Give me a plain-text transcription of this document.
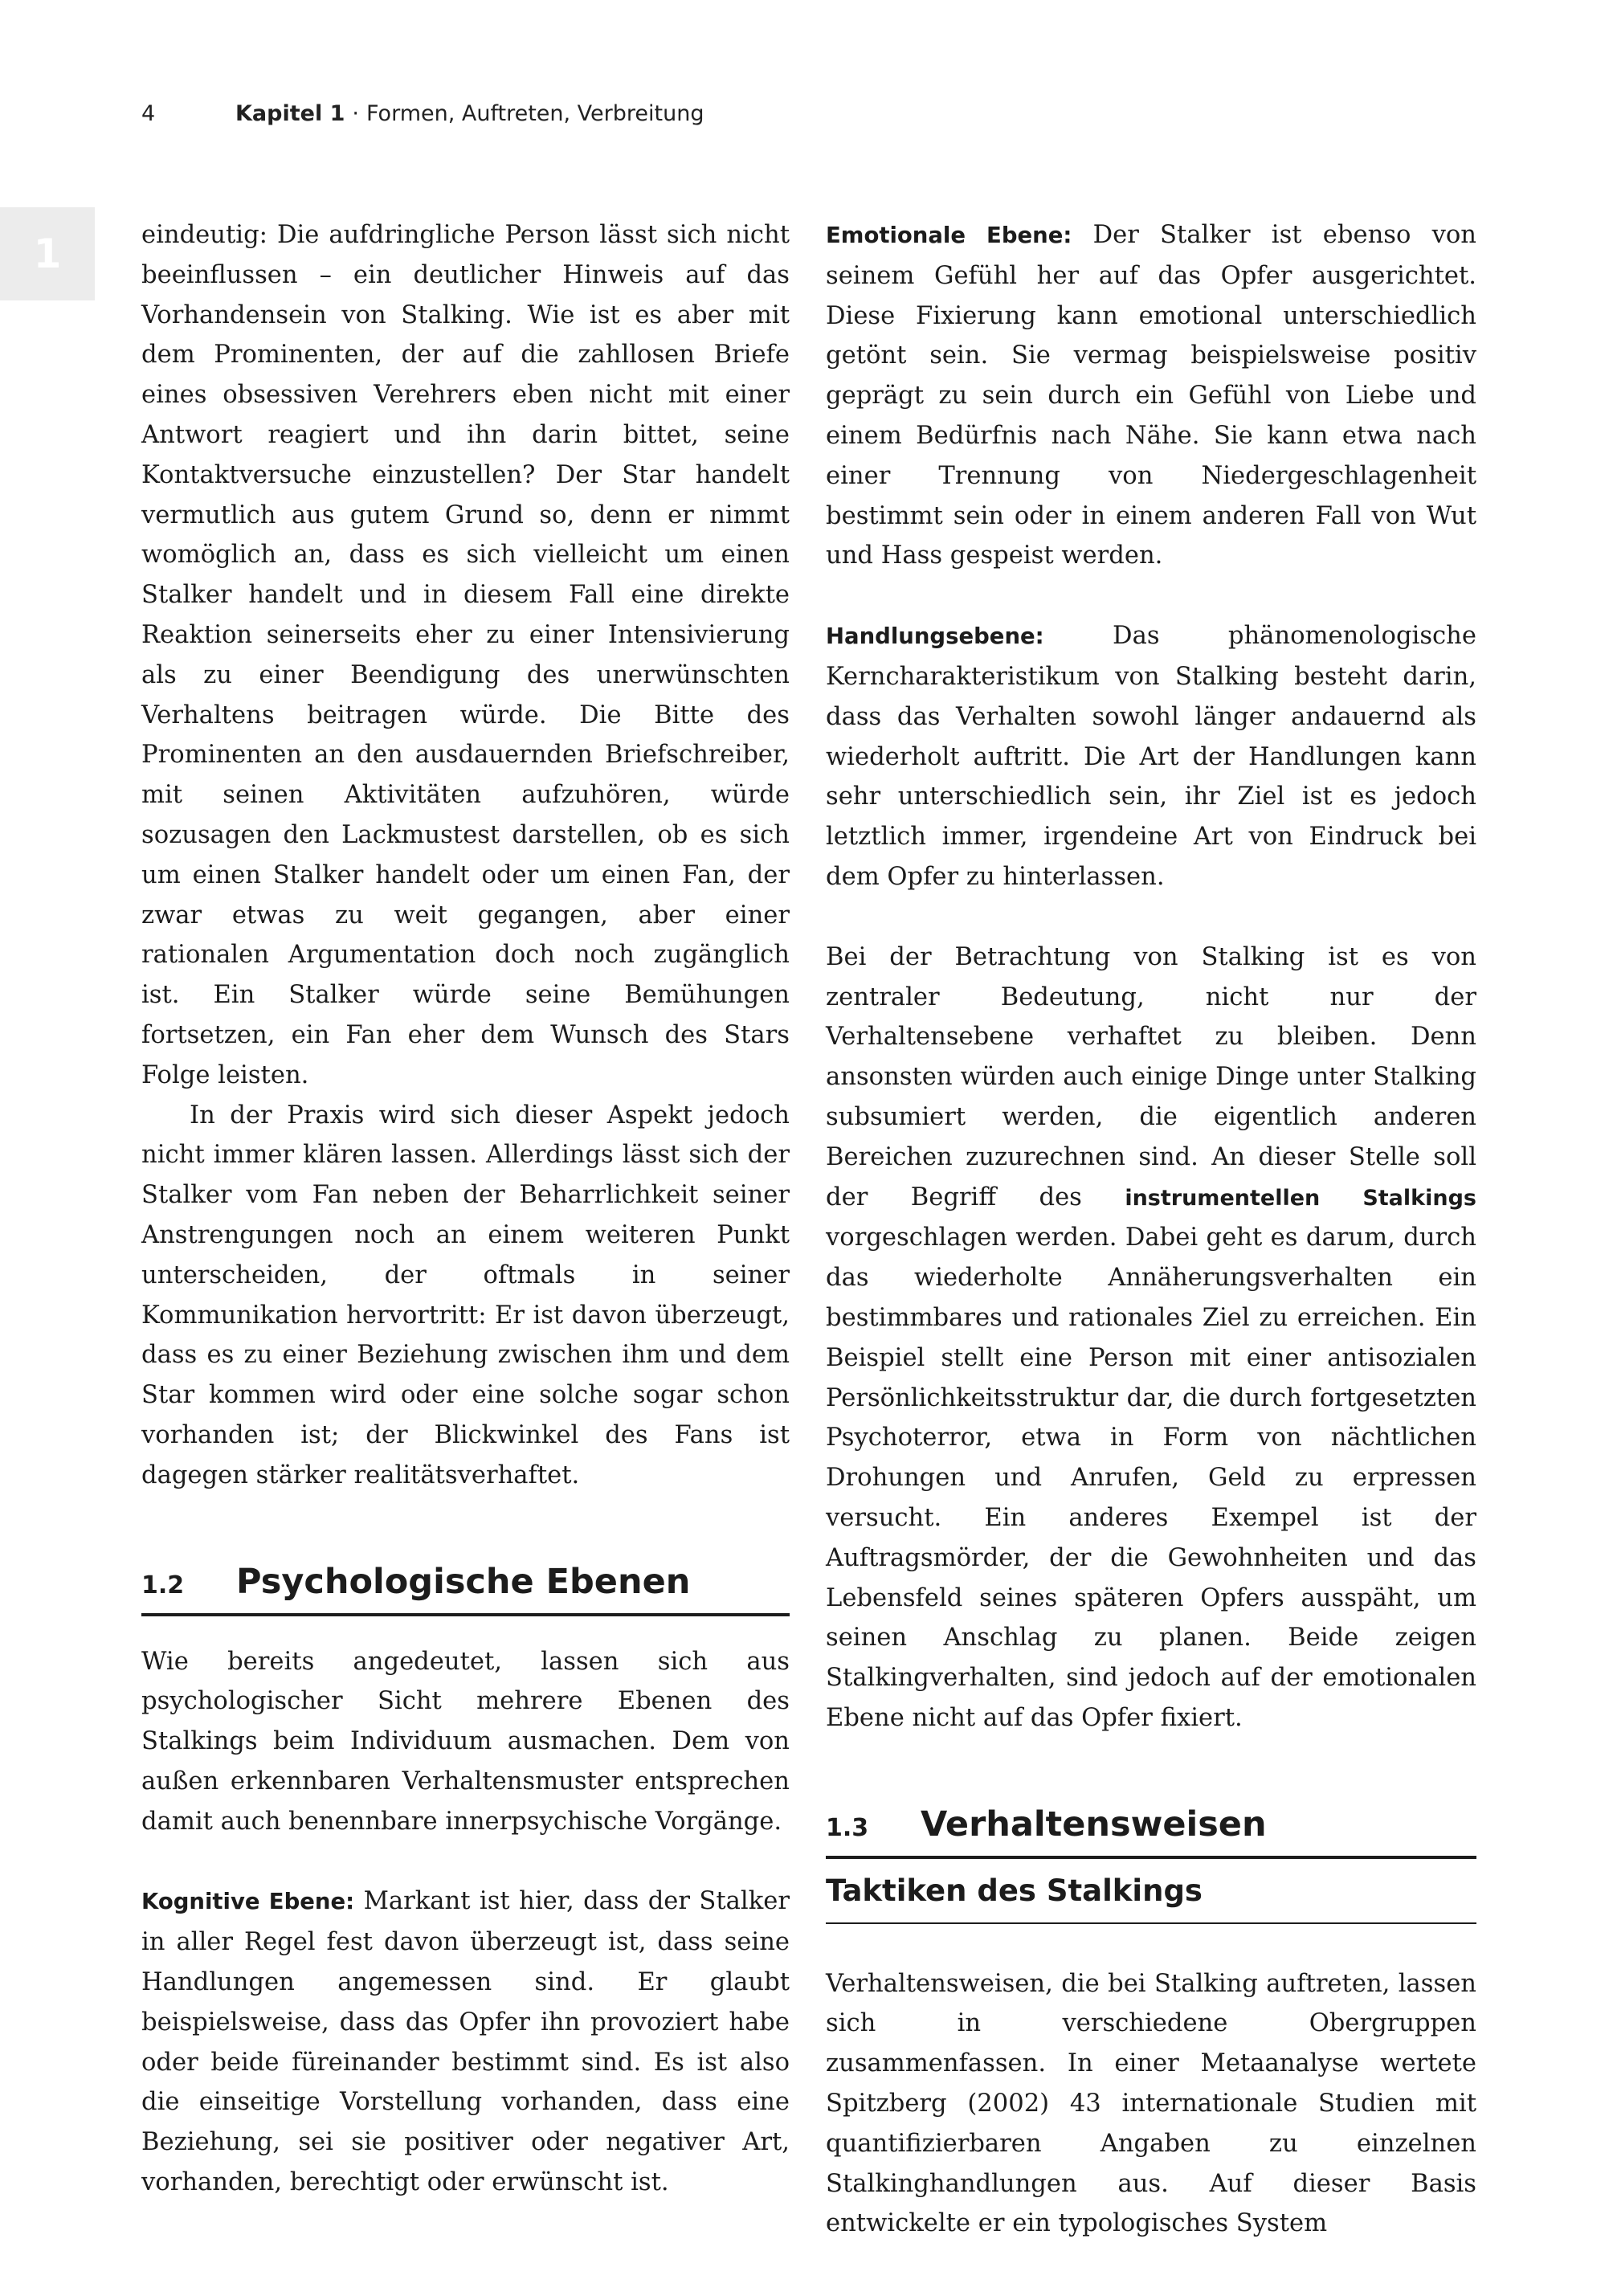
4	Kapitel 1 · Formen, Auftreten, Verbreitung
1	eindeutig: Die aufdringliche Person lässt sich nicht beeinflussen – ein deutlicher Hinweis auf das Vorhandensein von Stalking. Wie ist es aber mit dem Prominenten, der auf die zahllosen Briefe eines obsessiven Verehrers eben nicht mit einer Antwort reagiert und ihn darin bittet, seine Kontaktversuche einzustellen? Der Star handelt vermutlich aus gutem Grund so, denn er nimmt womöglich an, dass es sich vielleicht um einen Stalker handelt und in diesem Fall eine direkte Reaktion seinerseits eher zu einer Intensivierung als zu einer Beendigung des unerwünschten Verhaltens beitragen würde. Die Bitte des Prominenten an den ausdauernden Briefschreiber, mit seinen Aktivitäten aufzuhören, würde sozusagen den Lackmustest darstellen, ob es sich um einen Stalker handelt oder um einen Fan, der zwar etwas zu weit gegangen, aber einer rationalen Argumentation doch noch zugänglich ist. Ein Stalker würde seine Bemühungen fortsetzen, ein Fan eher dem Wunsch des Stars Folge leisten.

In der Praxis wird sich dieser Aspekt jedoch nicht immer klären lassen. Allerdings lässt sich der Stalker vom Fan neben der Beharrlichkeit seiner Anstrengungen noch an einem weiteren Punkt unterscheiden, der oftmals in seiner Kommunikation hervortritt: Er ist davon überzeugt, dass es zu einer Beziehung zwischen ihm und dem Star kommen wird oder eine solche sogar schon vorhanden ist; der Blickwinkel des Fans ist dagegen stärker realitätsverhaftet.

1.2	Psychologische Ebenen

Wie bereits angedeutet, lassen sich aus psychologischer Sicht mehrere Ebenen des Stalkings beim Individuum ausmachen. Dem von außen erkennbaren Verhaltensmuster entsprechen damit auch benennbare innerpsychische Vorgänge.

Kognitive Ebene: Markant ist hier, dass der Stalker in aller Regel fest davon überzeugt ist, dass seine Handlungen angemessen sind. Er glaubt beispielsweise, dass das Opfer ihn provoziert habe oder beide füreinander bestimmt sind. Es ist also die einseitige Vorstellung vorhanden, dass eine Beziehung, sei sie positiver oder negativer Art, vorhanden, berechtigt oder erwünscht ist.

Emotionale Ebene: Der Stalker ist ebenso von seinem Gefühl her auf das Opfer ausgerichtet. Diese Fixierung kann emotional unterschiedlich getönt sein. Sie vermag beispielsweise positiv geprägt zu sein durch ein Gefühl von Liebe und einem Bedürfnis nach Nähe. Sie kann etwa nach einer Trennung von Niedergeschlagenheit bestimmt sein oder in einem anderen Fall von Wut und Hass gespeist werden.

Handlungsebene:	Das phänomenologische Kerncharakteristikum von Stalking besteht darin, dass das Verhalten sowohl länger andauernd als wiederholt auftritt. Die Art der Handlungen kann sehr unterschiedlich sein, ihr Ziel ist es jedoch letztlich immer, irgendeine Art von Eindruck bei dem Opfer zu hinterlassen.

Bei der Betrachtung von Stalking ist es von zentraler Bedeutung, nicht nur der Verhaltensebene verhaftet zu bleiben. Denn ansonsten würden auch einige Dinge unter Stalking subsumiert werden, die eigentlich anderen Bereichen zuzurechnen sind. An dieser Stelle soll der Begriff des instrumentellen Stalkings vorgeschlagen werden. Dabei geht es darum, durch das wiederholte Annäherungsverhalten ein bestimmbares und rationales Ziel zu erreichen. Ein Beispiel stellt eine Person mit einer antisozialen Persönlichkeitsstruktur dar, die durch fortgesetzten Psychoterror, etwa in Form von nächtlichen Drohungen und Anrufen, Geld zu erpressen versucht. Ein anderes Exempel ist der Auftragsmörder, der die Gewohnheiten und das Lebensfeld seines späteren Opfers ausspäht, um seinen Anschlag zu planen. Beide zeigen Stalkingverhalten, sind jedoch auf der emotionalen Ebene nicht auf das Opfer fixiert.

1.3	Verhaltensweisen
Taktiken des Stalkings

Verhaltensweisen, die bei Stalking auftreten, lassen sich in verschiedene Obergruppen zusammenfassen. In einer Metaanalyse wertete Spitzberg (2002) 43 internationale Studien mit quantifizierbaren Angaben zu einzelnen Stalkinghandlungen aus. Auf dieser Basis entwickelte er ein typologisches System
